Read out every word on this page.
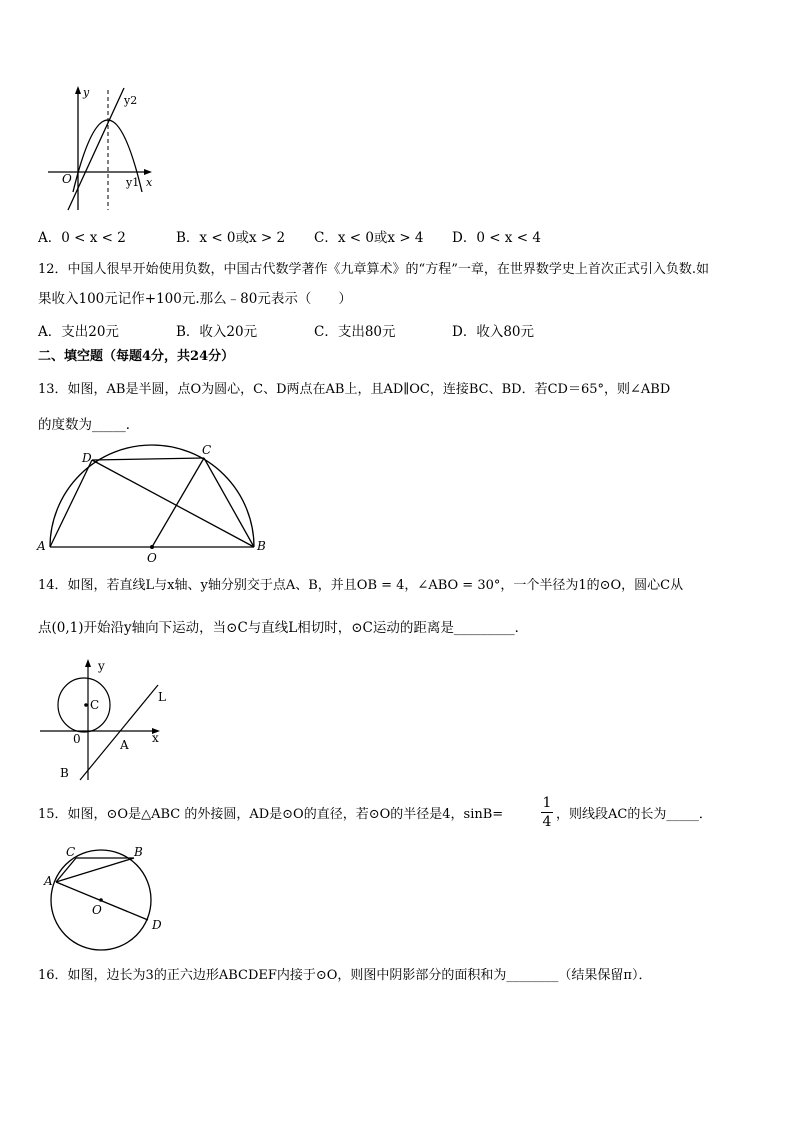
y
y2
x
y1
O
A．0 < x < 2	B．x < 0或x > 2 C．x < 0或x > 4 D．0 < x < 4
12．中国人很早开始使用负数，中国古代数学著作《九章算术》的“方程”一章，在世界数学史上首次正式引入负数.如
果收入100元记作+100元.那么﹣80元表示（　　）
A．支出20元	B．收入20元	C．支出80元	D．收入80元
二、填空题（每题4分，共24分）
13．如图，AB是半圆，点O为圆心，C、D两点在AB上，且AD∥OC，连接BC、BD．若CD＝65°，则∠ABD
的度数为_____．
A	B
C
D
O
14．如图，若直线L与x轴、y轴分别交于点A、B，并且OB = 4，∠ABO = 30°，一个半径为1的⊙O，圆心C从
点(0,1)开始沿y轴向下运动，当⊙C与直线L相切时，⊙C运动的距离是_________．
y
x
L
C
0	A
B
15．如图，⊙O是△ABC 的外接圆，AD是⊙O的直径，若⊙O的半径是4，sinB=
1
4 ，则线段AC的长为_____．
A
B
C
D
O
16．如图，边长为3的正六边形ABCDEF内接于⊙O，则图中阴影部分的面积和为________（结果保留π）．
